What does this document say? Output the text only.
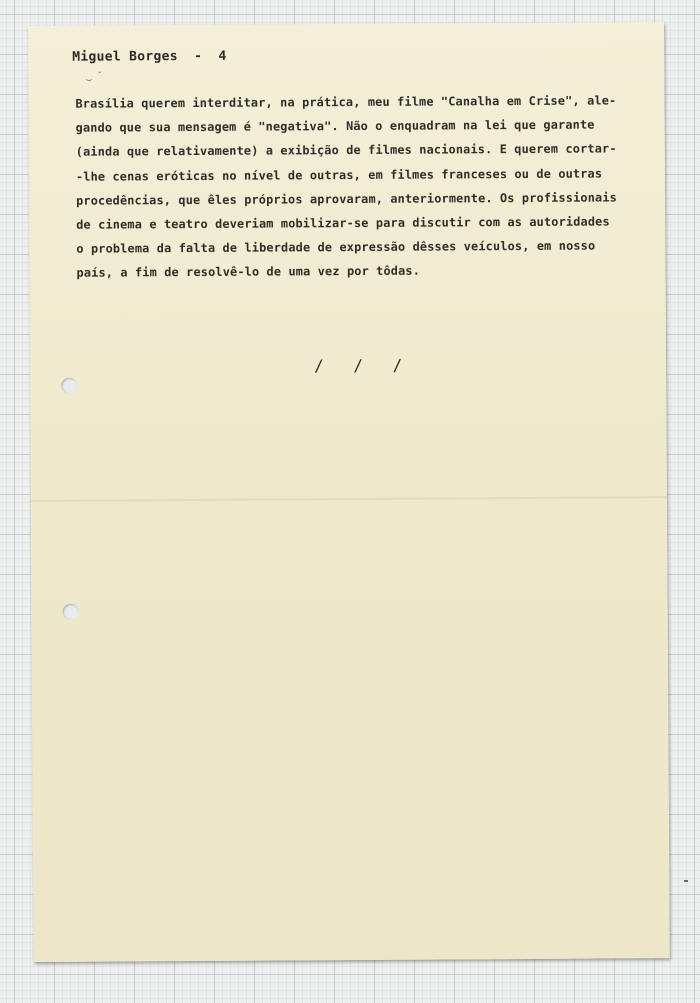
Miguel Borges  -  4
‿ ˘
Brasília querem interditar, na prática, meu filme "Canalha em Crise", ale-
gando que sua mensagem é "negativa". Não o enquadram na lei que garante
(ainda que relativamente) a exibição de filmes nacionais. E querem cortar-
-lhe cenas eróticas no nível de outras, em filmes franceses ou de outras
procedências, que êles próprios aprovaram, anteriormente. Os profissionais
de cinema e teatro deveriam mobilizar-se para discutir com as autoridades
o problema da falta de liberdade de expressão dêsses veículos, em nosso
país, a fim de resolvê-lo de uma vez por tôdas.
/ / /
